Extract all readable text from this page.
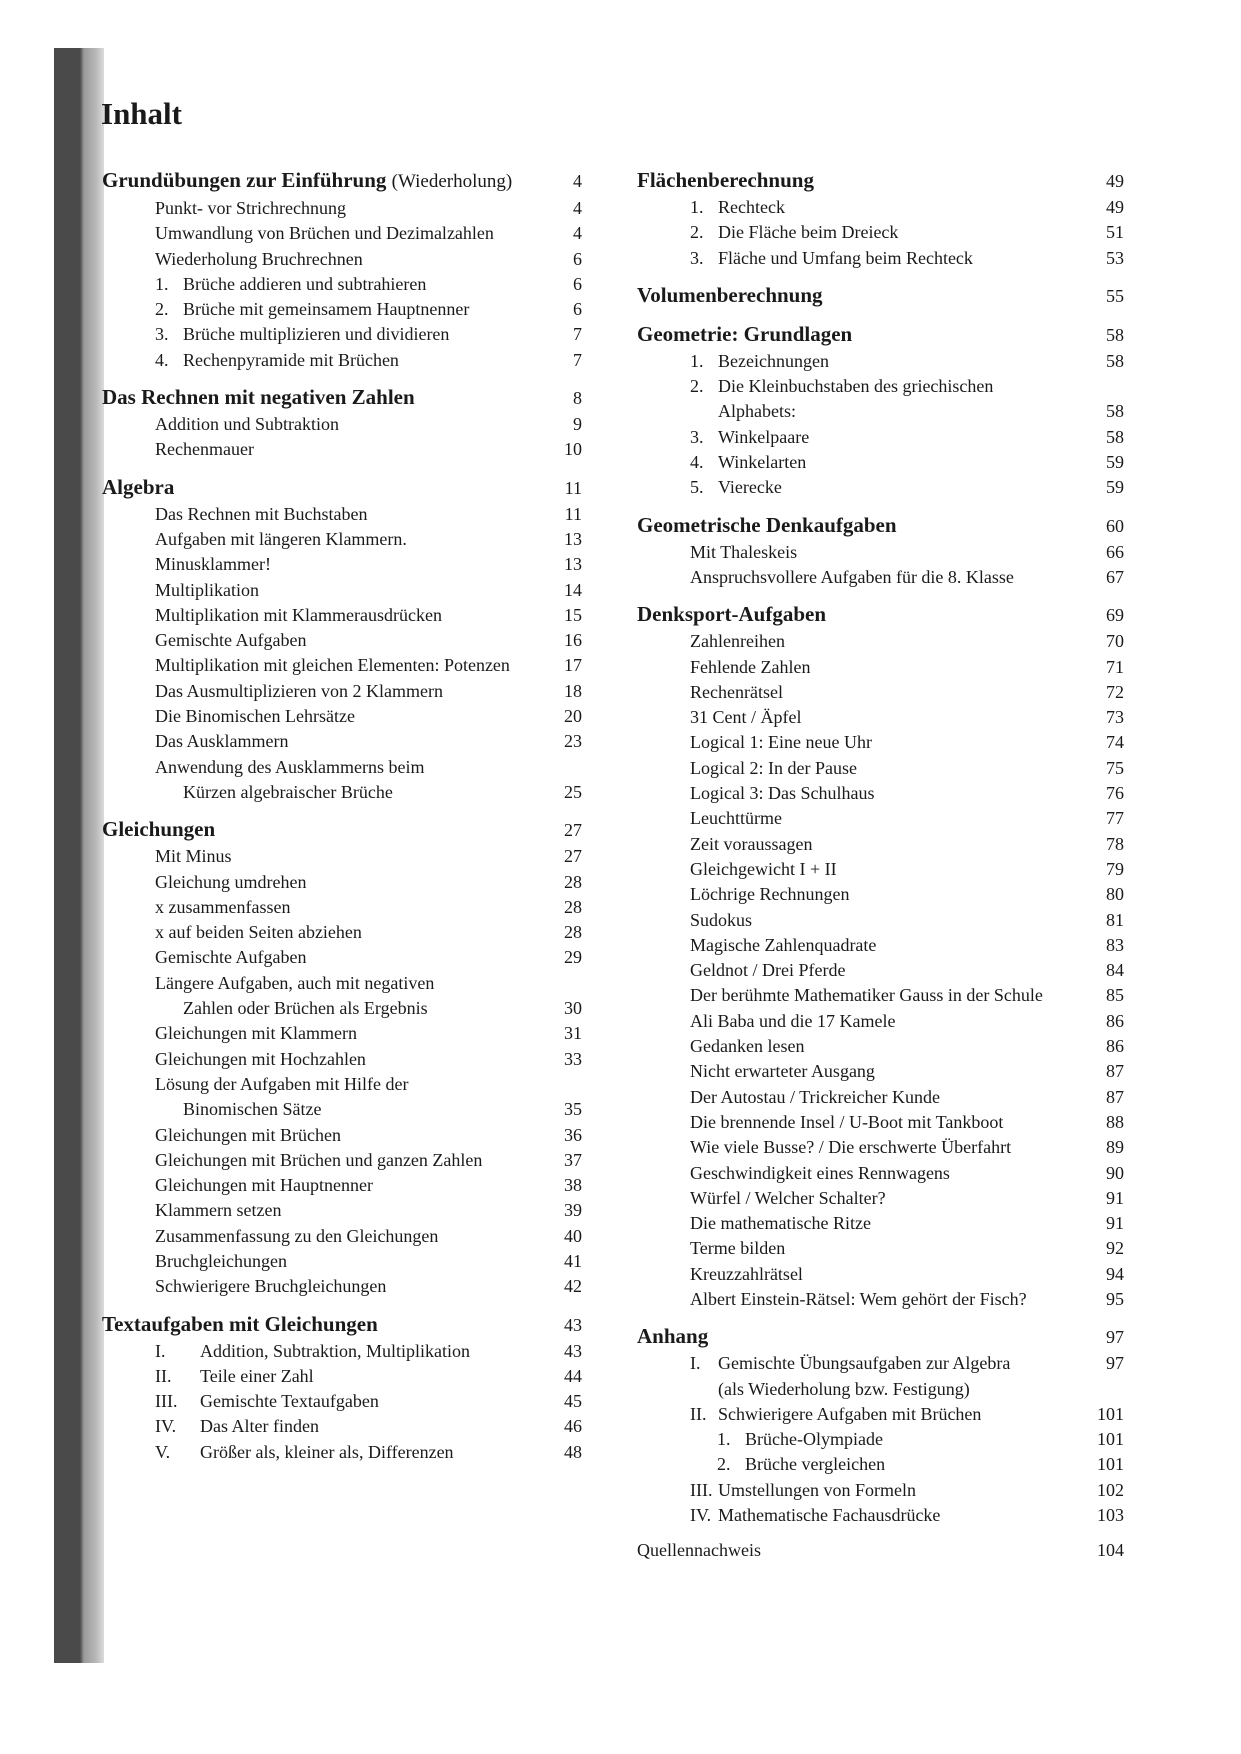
Inhalt
Grundübungen zur Einführung (Wiederholung)	4
Punkt- vor Strichrechnung	4
Umwandlung von Brüchen und Dezimalzahlen	4
Wiederholung Bruchrechnen	6
1. Brüche addieren und subtrahieren	6
2. Brüche mit gemeinsamem Hauptnenner	6
3. Brüche multiplizieren und dividieren	7
4. Rechenpyramide mit Brüchen	7
Das Rechnen mit negativen Zahlen	8
Addition und Subtraktion	9
Rechenmauer	10
Algebra	11
Das Rechnen mit Buchstaben	11
Aufgaben mit längeren Klammern.	13
Minusklammer!	13
Multiplikation	14
Multiplikation mit Klammerausdrücken	15
Gemischte Aufgaben	16
Multiplikation mit gleichen Elementen: Potenzen	17
Das Ausmultiplizieren von 2 Klammern	18
Die Binomischen Lehrsätze	20
Das Ausklammern	23
Anwendung des Ausklammerns beim
Kürzen algebraischer Brüche	25
Gleichungen	27
Mit Minus	27
Gleichung umdrehen	28
x zusammenfassen	28
x auf beiden Seiten abziehen	28
Gemischte Aufgaben	29
Längere Aufgaben, auch mit negativen
Zahlen oder Brüchen als Ergebnis	30
Gleichungen mit Klammern	31
Gleichungen mit Hochzahlen	33
Lösung der Aufgaben mit Hilfe der
Binomischen Sätze	35
Gleichungen mit Brüchen	36
Gleichungen mit Brüchen und ganzen Zahlen	37
Gleichungen mit Hauptnenner	38
Klammern setzen	39
Zusammenfassung zu den Gleichungen	40
Bruchgleichungen	41
Schwierigere Bruchgleichungen	42
Textaufgaben mit Gleichungen	43
I. Addition, Subtraktion, Multiplikation	43
II. Teile einer Zahl	44
III. Gemischte Textaufgaben	45
IV. Das Alter finden	46
V. Größer als, kleiner als, Differenzen	48
Flächenberechnung	49
1. Rechteck	49
2. Die Fläche beim Dreieck	51
3. Fläche und Umfang beim Rechteck	53
Volumenberechnung	55
Geometrie: Grundlagen	58
1. Bezeichnungen	58
2. Die Kleinbuchstaben des griechischen
Alphabets:	58
3. Winkelpaare	58
4. Winkelarten	59
5. Vierecke	59
Geometrische Denkaufgaben	60
Mit Thaleskeis	66
Anspruchsvollere Aufgaben für die 8. Klasse	67
Denksport-Aufgaben	69
Zahlenreihen	70
Fehlende Zahlen	71
Rechenrätsel	72
31 Cent / Äpfel	73
Logical 1: Eine neue Uhr	74
Logical 2: In der Pause	75
Logical 3: Das Schulhaus	76
Leuchttürme	77
Zeit voraussagen	78
Gleichgewicht I + II	79
Löchrige Rechnungen	80
Sudokus	81
Magische Zahlenquadrate	83
Geldnot / Drei Pferde	84
Der berühmte Mathematiker Gauss in der Schule	85
Ali Baba und die 17 Kamele	86
Gedanken lesen	86
Nicht erwarteter Ausgang	87
Der Autostau / Trickreicher Kunde	87
Die brennende Insel / U-Boot mit Tankboot	88
Wie viele Busse? / Die erschwerte Überfahrt	89
Geschwindigkeit eines Rennwagens	90
Würfel / Welcher Schalter?	91
Die mathematische Ritze	91
Terme bilden	92
Kreuzzahlrätsel	94
Albert Einstein-Rätsel: Wem gehört der Fisch?	95
Anhang	97
I. Gemischte Übungsaufgaben zur Algebra	97
(als Wiederholung bzw. Festigung)
II. Schwierigere Aufgaben mit Brüchen	101
1. Brüche-Olympiade	101
2. Brüche vergleichen	101
III. Umstellungen von Formeln	102
IV. Mathematische Fachausdrücke	103
Quellennachweis	104
